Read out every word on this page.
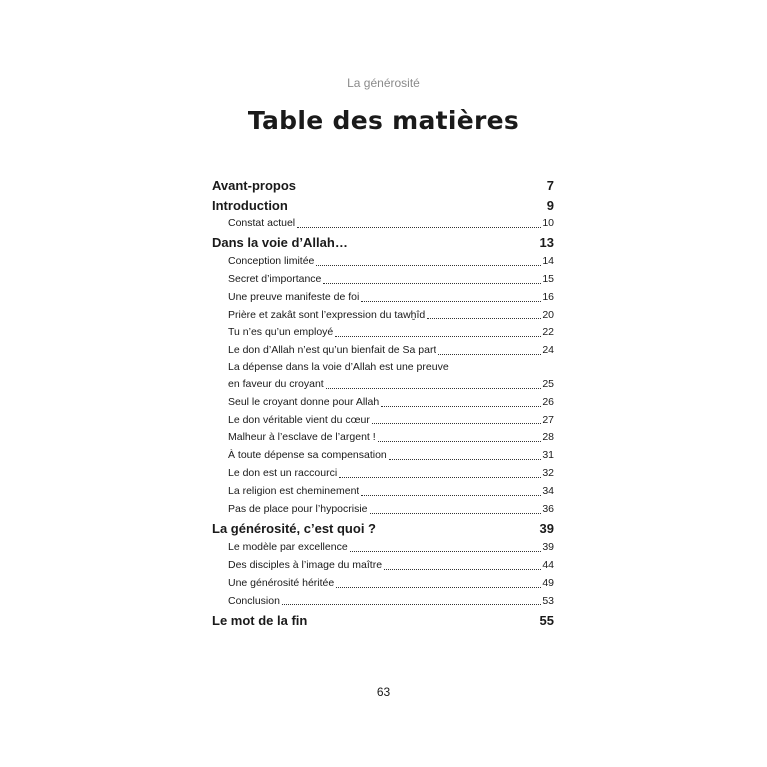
La générosité
Table des matières
Avant-propos	7
Introduction	9
Constat actuel	10
Dans la voie d’Allah…	13
Conception limitée	14
Secret d’importance	15
Une preuve manifeste de foi	16
Prière et zakât sont l’expression du tawḫîd	20
Tu n’es qu’un employé	22
Le don d’Allah n’est qu’un bienfait de Sa part	24
La dépense dans la voie d’Allah est une preuve
en faveur du croyant	25
Seul le croyant donne pour Allah	26
Le don véritable vient du cœur	27
Malheur à l’esclave de l’argent !	28
À toute dépense sa compensation	31
Le don est un raccourci	32
La religion est cheminement	34
Pas de place pour l’hypocrisie	36
La générosité, c’est quoi ?	39
Le modèle par excellence	39
Des disciples à l’image du maître	44
Une générosité héritée	49
Conclusion	53
Le mot de la fin	55
63
